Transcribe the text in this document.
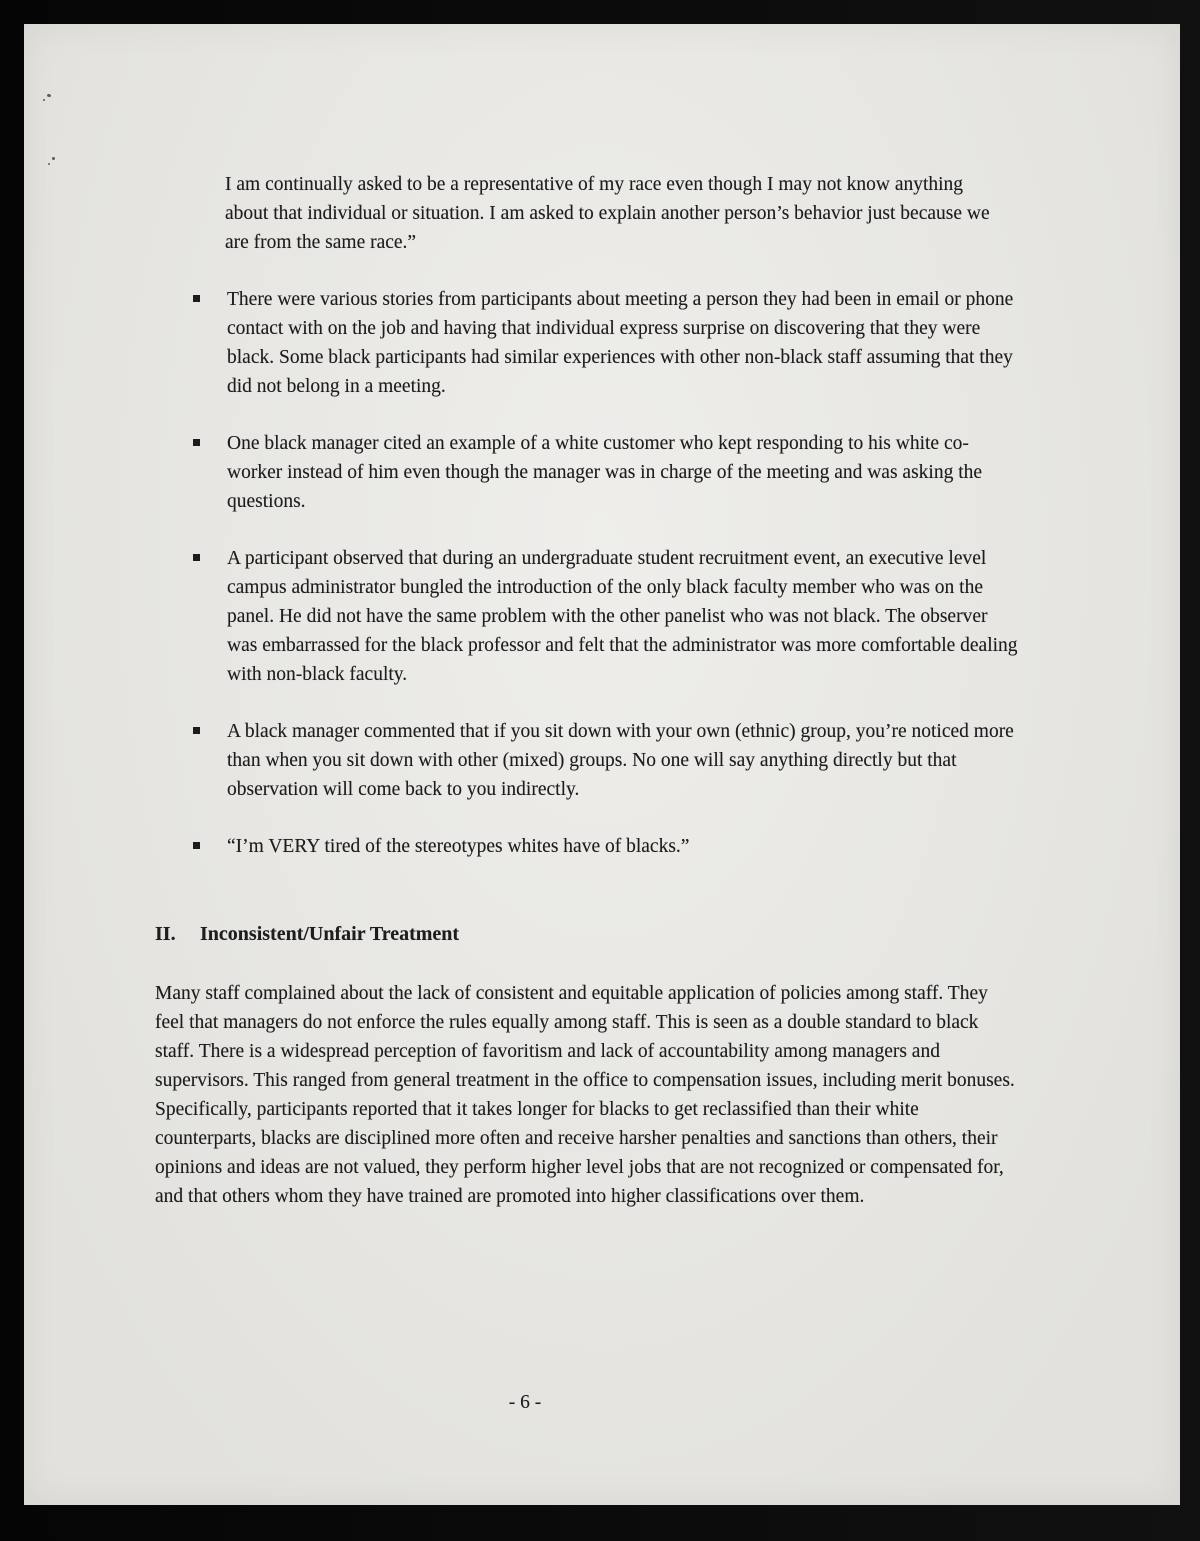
I am continually asked to be a representative of my race even though I may not know anything about that individual or situation. I am asked to explain another person’s behavior just because we are from the same race.”

There were various stories from participants about meeting a person they had been in email or phone contact with on the job and having that individual express surprise on discovering that they were black. Some black participants had similar experiences with other non-black staff assuming that they did not belong in a meeting.
One black manager cited an example of a white customer who kept responding to his white co-worker instead of him even though the manager was in charge of the meeting and was asking the questions.
A participant observed that during an undergraduate student recruitment event, an executive level campus administrator bungled the introduction of the only black faculty member who was on the panel. He did not have the same problem with the other panelist who was not black. The observer was embarrassed for the black professor and felt that the administrator was more comfortable dealing with non-black faculty.
A black manager commented that if you sit down with your own (ethnic) group, you’re noticed more than when you sit down with other (mixed) groups. No one will say anything directly but that observation will come back to you indirectly.
“I’m VERY tired of the stereotypes whites have of blacks.”
II. Inconsistent/Unfair Treatment

Many staff complained about the lack of consistent and equitable application of policies among staff. They feel that managers do not enforce the rules equally among staff. This is seen as a double standard to black staff. There is a widespread perception of favoritism and lack of accountability among managers and supervisors. This ranged from general treatment in the office to compensation issues, including merit bonuses. Specifically, participants reported that it takes longer for blacks to get reclassified than their white counterparts, blacks are disciplined more often and receive harsher penalties and sanctions than others, their opinions and ideas are not valued, they perform higher level jobs that are not recognized or compensated for, and that others whom they have trained are promoted into higher classifications over them.

- 6 -
